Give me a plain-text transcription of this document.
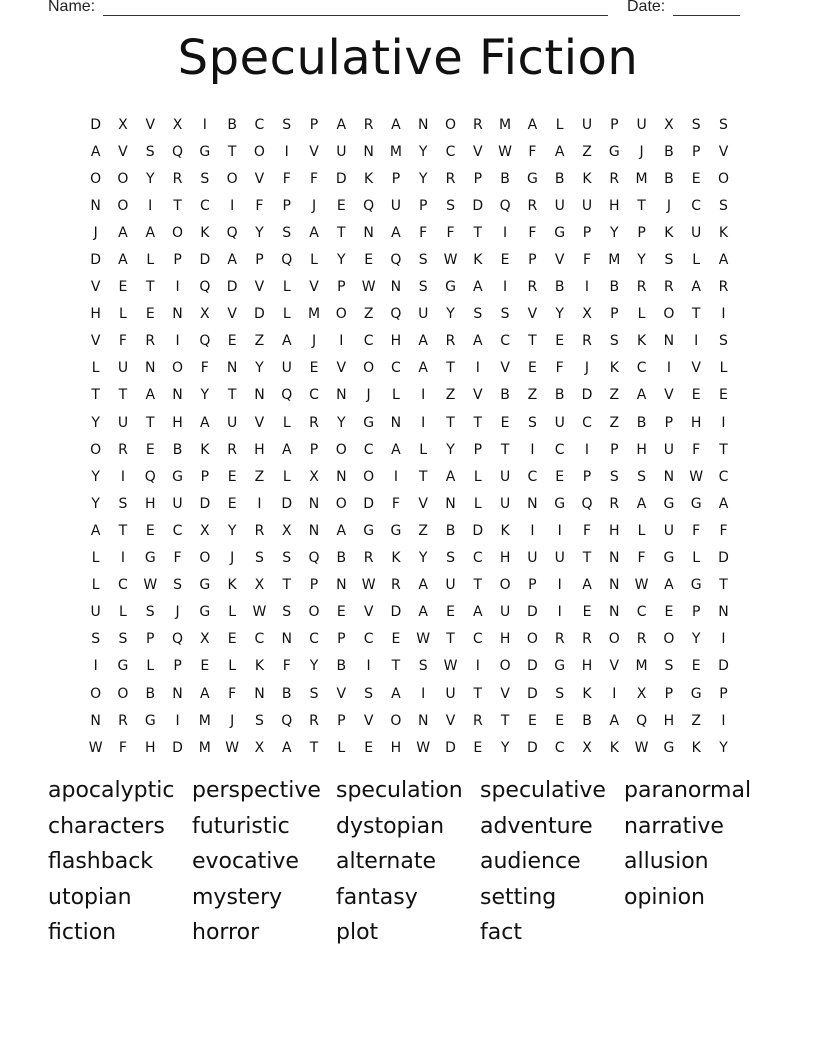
Name:	Date:
Speculative Fiction
D	X	V	X	I	B	C	S	P	A	R	A	N	O	R	M	A	L	U	P	U	X	S	S
A	V	S	Q	G	T	O	I	V	U	N	M	Y	C	V	W	F	A	Z	G	J	B	P	V
O	O	Y	R	S	O	V	F	F	D	K	P	Y	R	P	B	G	B	K	R	M	B	E	O
N	O	I	T	C	I	F	P	J	E	Q	U	P	S	D	Q	R	U	U	H	T	J	C	S
J	A	A	O	K	Q	Y	S	A	T	N	A	F	F	T	I	F	G	P	Y	P	K	U	K
D	A	L	P	D	A	P	Q	L	Y	E	Q	S	W	K	E	P	V	F	M	Y	S	L	A
V	E	T	I	Q	D	V	L	V	P	W	N	S	G	A	I	R	B	I	B	R	R	A	R
H	L	E	N	X	V	D	L	M	O	Z	Q	U	Y	S	S	V	Y	X	P	L	O	T	I
V	F	R	I	Q	E	Z	A	J	I	C	H	A	R	A	C	T	E	R	S	K	N	I	S
L	U	N	O	F	N	Y	U	E	V	O	C	A	T	I	V	E	F	J	K	C	I	V	L
T	T	A	N	Y	T	N	Q	C	N	J	L	I	Z	V	B	Z	B	D	Z	A	V	E	E
Y	U	T	H	A	U	V	L	R	Y	G	N	I	T	T	E	S	U	C	Z	B	P	H	I
O	R	E	B	K	R	H	A	P	O	C	A	L	Y	P	T	I	C	I	P	H	U	F	T
Y	I	Q	G	P	E	Z	L	X	N	O	I	T	A	L	U	C	E	P	S	S	N	W	C
Y	S	H	U	D	E	I	D	N	O	D	F	V	N	L	U	N	G	Q	R	A	G	G	A
A	T	E	C	X	Y	R	X	N	A	G	G	Z	B	D	K	I	I	F	H	L	U	F	F
L	I	G	F	O	J	S	S	Q	B	R	K	Y	S	C	H	U	U	T	N	F	G	L	D
L	C	W	S	G	K	X	T	P	N	W	R	A	U	T	O	P	I	A	N	W	A	G	T
U	L	S	J	G	L	W	S	O	E	V	D	A	E	A	U	D	I	E	N	C	E	P	N
S	S	P	Q	X	E	C	N	C	P	C	E	W	T	C	H	O	R	R	O	R	O	Y	I
I	G	L	P	E	L	K	F	Y	B	I	T	S	W	I	O	D	G	H	V	M	S	E	D
O	O	B	N	A	F	N	B	S	V	S	A	I	U	T	V	D	S	K	I	X	P	G	P
N	R	G	I	M	J	S	Q	R	P	V	O	N	V	R	T	E	E	B	A	Q	H	Z	I
W	F	H	D	M	W	X	A	T	L	E	H	W	D	E	Y	D	C	X	K	W	G	K	Y
apocalyptic perspective speculation speculative paranormal
characters	futuristic	dystopian	adventure	narrative
flashback	evocative	alternate	audience	allusion
utopian	mystery	fantasy	setting	opinion
fiction	horror	plot	fact
